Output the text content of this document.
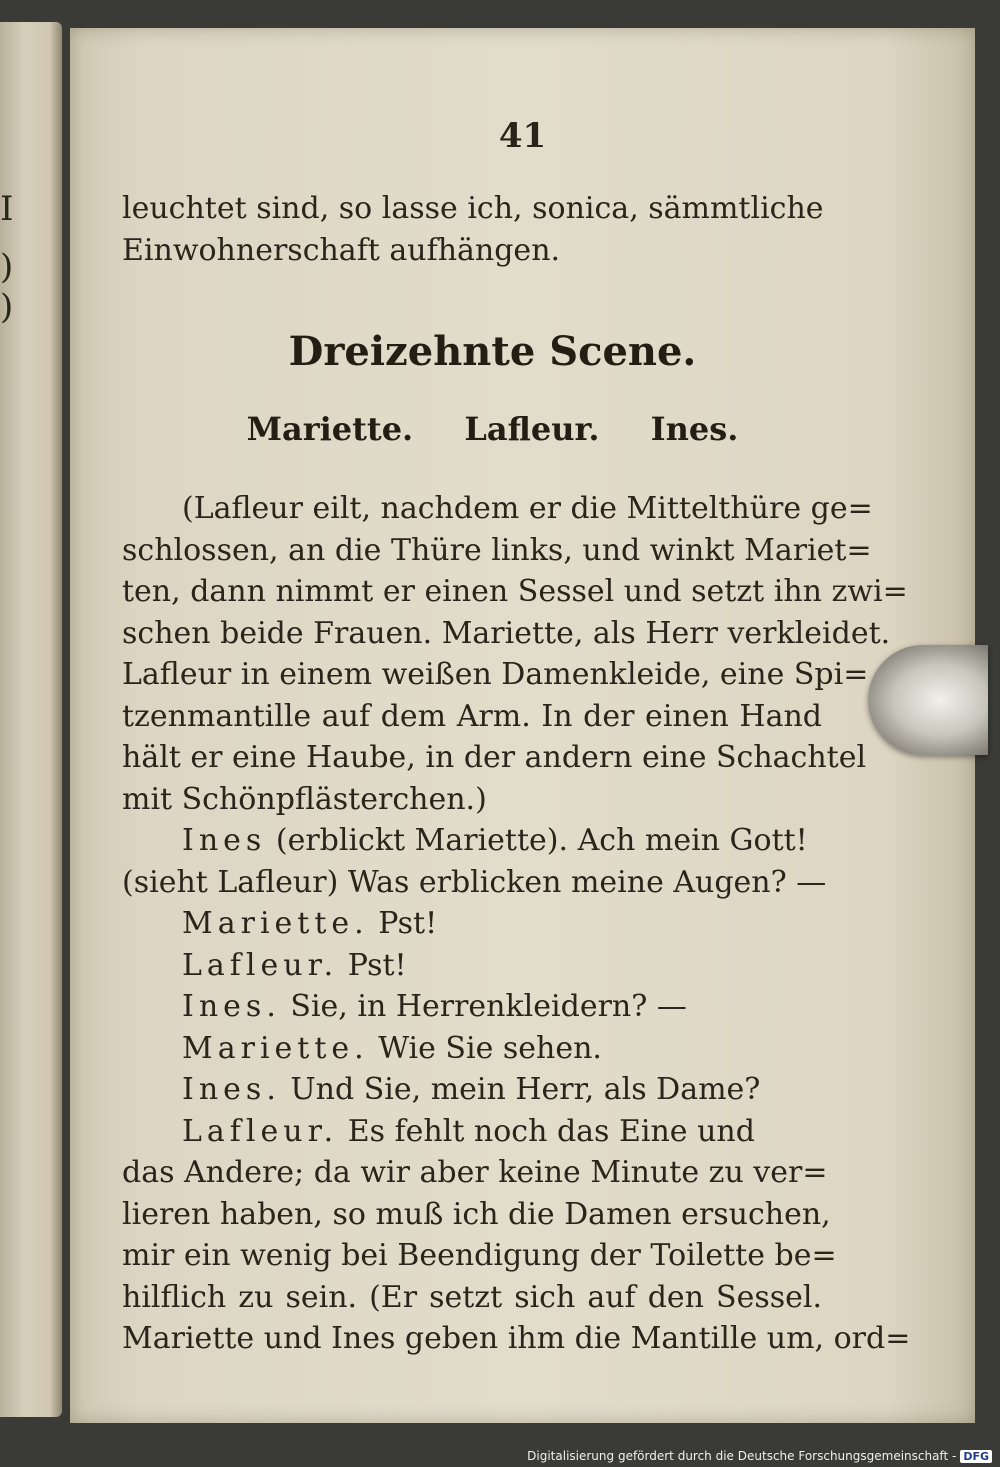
I
)
)
41
leuchtet sind, so lasse ich, sonica, sämmtliche
Einwohnerschaft aufhängen.
Dreizehnte Scene.
Mariette. Lafleur. Ines.
(Lafleur eilt, nachdem er die Mittelthüre ge=
schlossen, an die Thüre links, und winkt Mariet=
ten, dann nimmt er einen Sessel und setzt ihn zwi=
schen beide Frauen. Mariette, als Herr verkleidet.
Lafleur in einem weißen Damenkleide, eine Spi=
tzenmantille auf dem Arm. In der einen Hand
hält er eine Haube, in der andern eine Schachtel
mit Schönpflästerchen.)
Ines (erblickt Mariette). Ach mein Gott!
(sieht Lafleur) Was erblicken meine Augen? —
Mariette. Pst!
Lafleur. Pst!
Ines. Sie, in Herrenkleidern? —
Mariette. Wie Sie sehen.
Ines. Und Sie, mein Herr, als Dame?
Lafleur. Es fehlt noch das Eine und
das Andere; da wir aber keine Minute zu ver=
lieren haben, so muß ich die Damen ersuchen,
mir ein wenig bei Beendigung der Toilette be=
hilflich zu sein. (Er setzt sich auf den Sessel.
Mariette und Ines geben ihm die Mantille um, ord=
Digitalisierung gefördert durch die Deutsche Forschungsgemeinschaft - DFG
